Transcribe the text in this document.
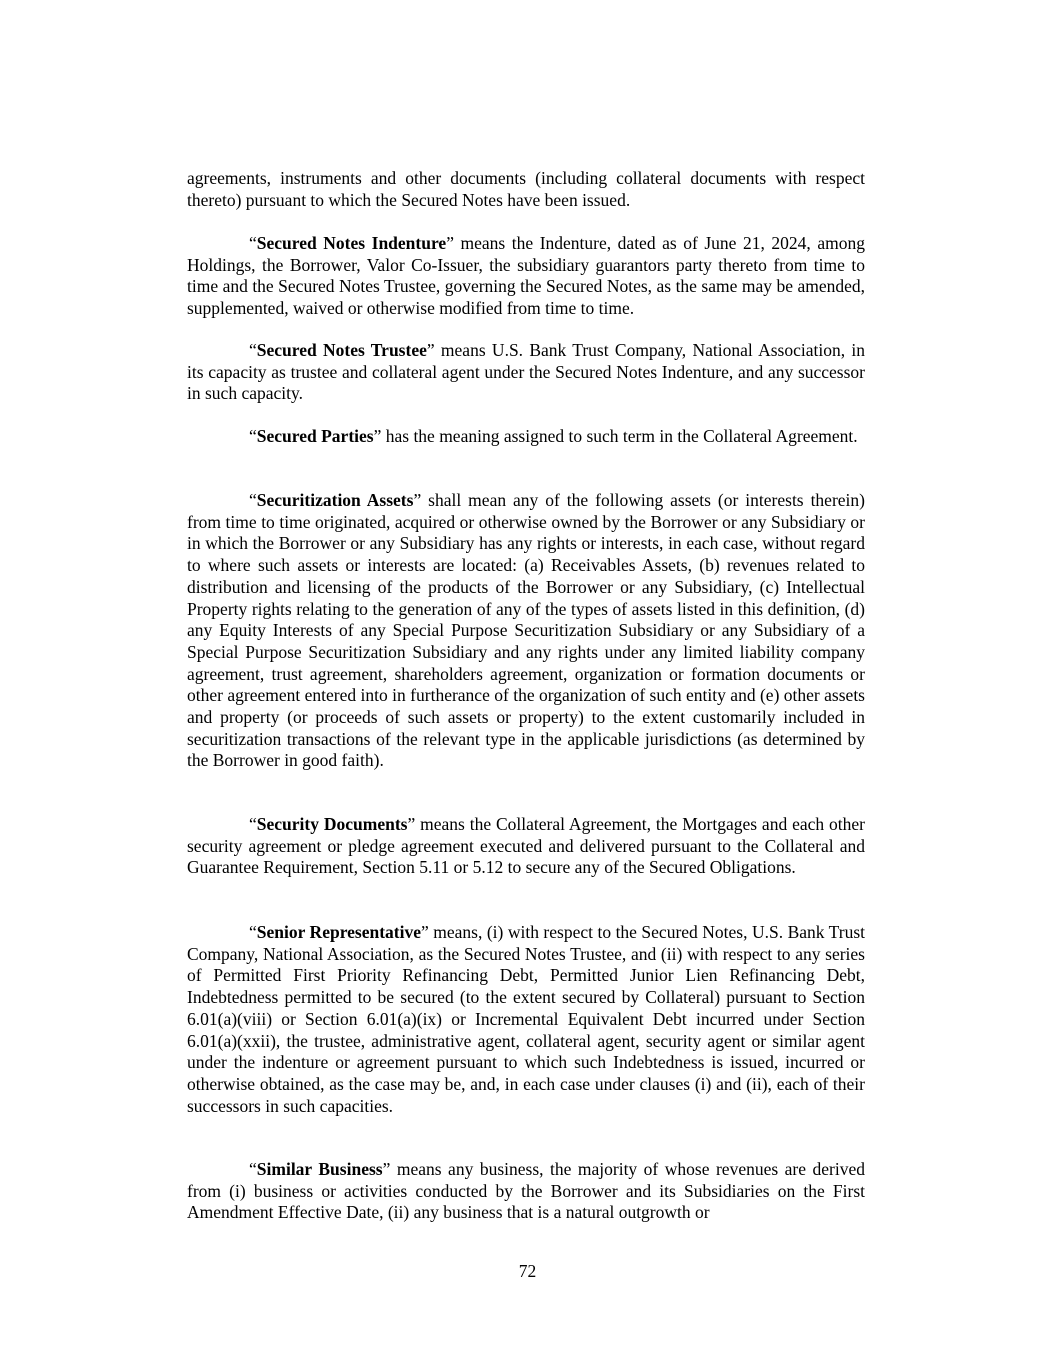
agreements, instruments and other documents (including collateral documents with respect thereto) pursuant to which the Secured Notes have been issued.

“Secured Notes Indenture” means the Indenture, dated as of June 21, 2024, among Holdings, the Borrower, Valor Co-Issuer, the subsidiary guarantors party thereto from time to time and the Secured Notes Trustee, governing the Secured Notes, as the same may be amended, supplemented, waived or otherwise modified from time to time.

“Secured Notes Trustee” means U.S. Bank Trust Company, National Association, in its capacity as trustee and collateral agent under the Secured Notes Indenture, and any successor in such capacity.

“Secured Parties” has the meaning assigned to such term in the Collateral Agreement.

“Securitization Assets” shall mean any of the following assets (or interests therein) from time to time originated, acquired or otherwise owned by the Borrower or any Subsidiary or in which the Borrower or any Subsidiary has any rights or interests, in each case, without regard to where such assets or interests are located: (a) Receivables Assets, (b) revenues related to distribution and licensing of the products of the Borrower or any Subsidiary, (c) Intellectual Property rights relating to the generation of any of the types of assets listed in this definition, (d) any Equity Interests of any Special Purpose Securitization Subsidiary or any Subsidiary of a Special Purpose Securitization Subsidiary and any rights under any limited liability company agreement, trust agreement, shareholders agreement, organization or formation documents or other agreement entered into in furtherance of the organization of such entity and (e) other assets and property (or proceeds of such assets or property) to the extent customarily included in securitization transactions of the relevant type in the applicable jurisdictions (as determined by the Borrower in good faith).

“Security Documents” means the Collateral Agreement, the Mortgages and each other security agreement or pledge agreement executed and delivered pursuant to the Collateral and Guarantee Requirement, Section 5.11 or 5.12 to secure any of the Secured Obligations.

“Senior Representative” means, (i) with respect to the Secured Notes, U.S. Bank Trust Company, National Association, as the Secured Notes Trustee, and (ii) with respect to any series of Permitted First Priority Refinancing Debt, Permitted Junior Lien Refinancing Debt, Indebtedness permitted to be secured (to the extent secured by Collateral) pursuant to Section 6.01(a)(viii) or Section 6.01(a)(ix) or Incremental Equivalent Debt incurred under Section 6.01(a)(xxii), the trustee, administrative agent, collateral agent, security agent or similar agent under the indenture or agreement pursuant to which such Indebtedness is issued, incurred or otherwise obtained, as the case may be, and, in each case under clauses (i) and (ii), each of their successors in such capacities.

“Similar Business” means any business, the majority of whose revenues are derived from (i) business or activities conducted by the Borrower and its Subsidiaries on the First Amendment Effective Date, (ii) any business that is a natural outgrowth or

72
